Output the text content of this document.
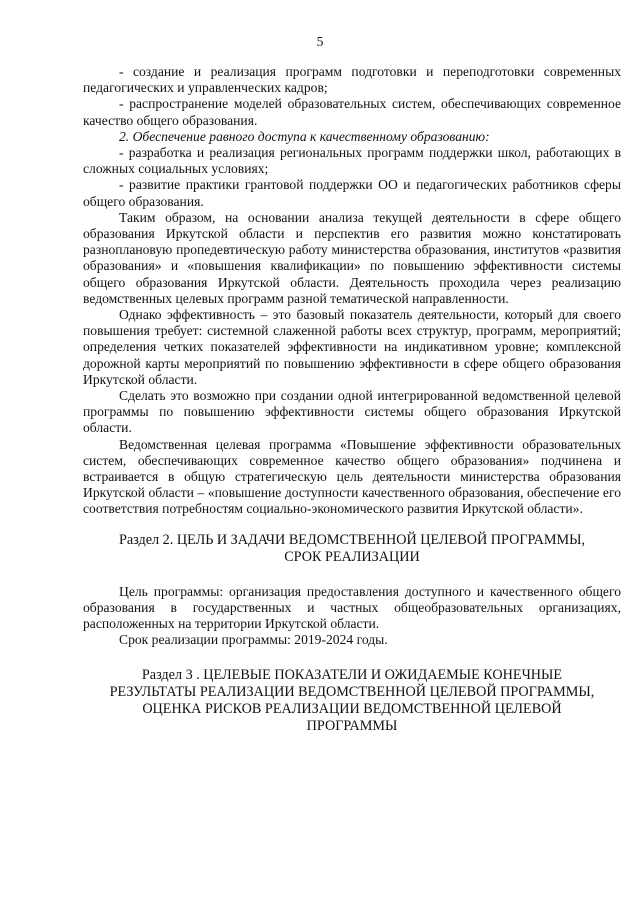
5

- создание и реализация программ подготовки и переподготовки современных педагогических и управленческих кадров;

- распространение моделей образовательных систем, обеспечивающих современное качество общего образования.

2. Обеспечение равного доступа к качественному образованию:

- разработка и реализация региональных программ поддержки школ, работающих в сложных социальных условиях;

- развитие практики грантовой поддержки ОО и педагогических работников сферы общего образования.

Таким образом, на основании анализа текущей деятельности в сфере общего образования Иркутской области и перспектив его развития можно констатировать разноплановую пропедевтическую работу министерства образования, институтов «развития образования» и «повышения квалификации» по повышению эффективности системы общего образования Иркутской области. Деятельность проходила через реализацию ведомственных целевых программ разной тематической направленности.

Однако эффективность – это базовый показатель деятельности, который для своего повышения требует: системной слаженной работы всех структур, программ, мероприятий; определения четких показателей эффективности на индикативном уровне; комплексной дорожной карты мероприятий по повышению эффективности в сфере общего образования Иркутской области.

Сделать это возможно при создании одной интегрированной ведомственной целевой программы по повышению эффективности системы общего образования Иркутской области.

Ведомственная целевая программа «Повышение эффективности образовательных систем, обеспечивающих современное качество общего образования» подчинена и встраивается в общую стратегическую цель деятельности министерства образования Иркутской области – «повышение доступности качественного образования, обеспечение его соответствия потребностям социально-экономического развития Иркутской области».

Раздел 2. ЦЕЛЬ И ЗАДАЧИ ВЕДОМСТВЕННОЙ ЦЕЛЕВОЙ ПРОГРАММЫ,
СРОК РЕАЛИЗАЦИИ

Цель программы: организация предоставления доступного и качественного общего образования в государственных и частных общеобразовательных организациях, расположенных на территории Иркутской области.

Срок реализации программы: 2019-2024 годы.

Раздел 3 . ЦЕЛЕВЫЕ ПОКАЗАТЕЛИ И ОЖИДАЕМЫЕ КОНЕЧНЫЕ
РЕЗУЛЬТАТЫ РЕАЛИЗАЦИИ ВЕДОМСТВЕННОЙ ЦЕЛЕВОЙ ПРОГРАММЫ,
ОЦЕНКА РИСКОВ РЕАЛИЗАЦИИ ВЕДОМСТВЕННОЙ ЦЕЛЕВОЙ
ПРОГРАММЫ
